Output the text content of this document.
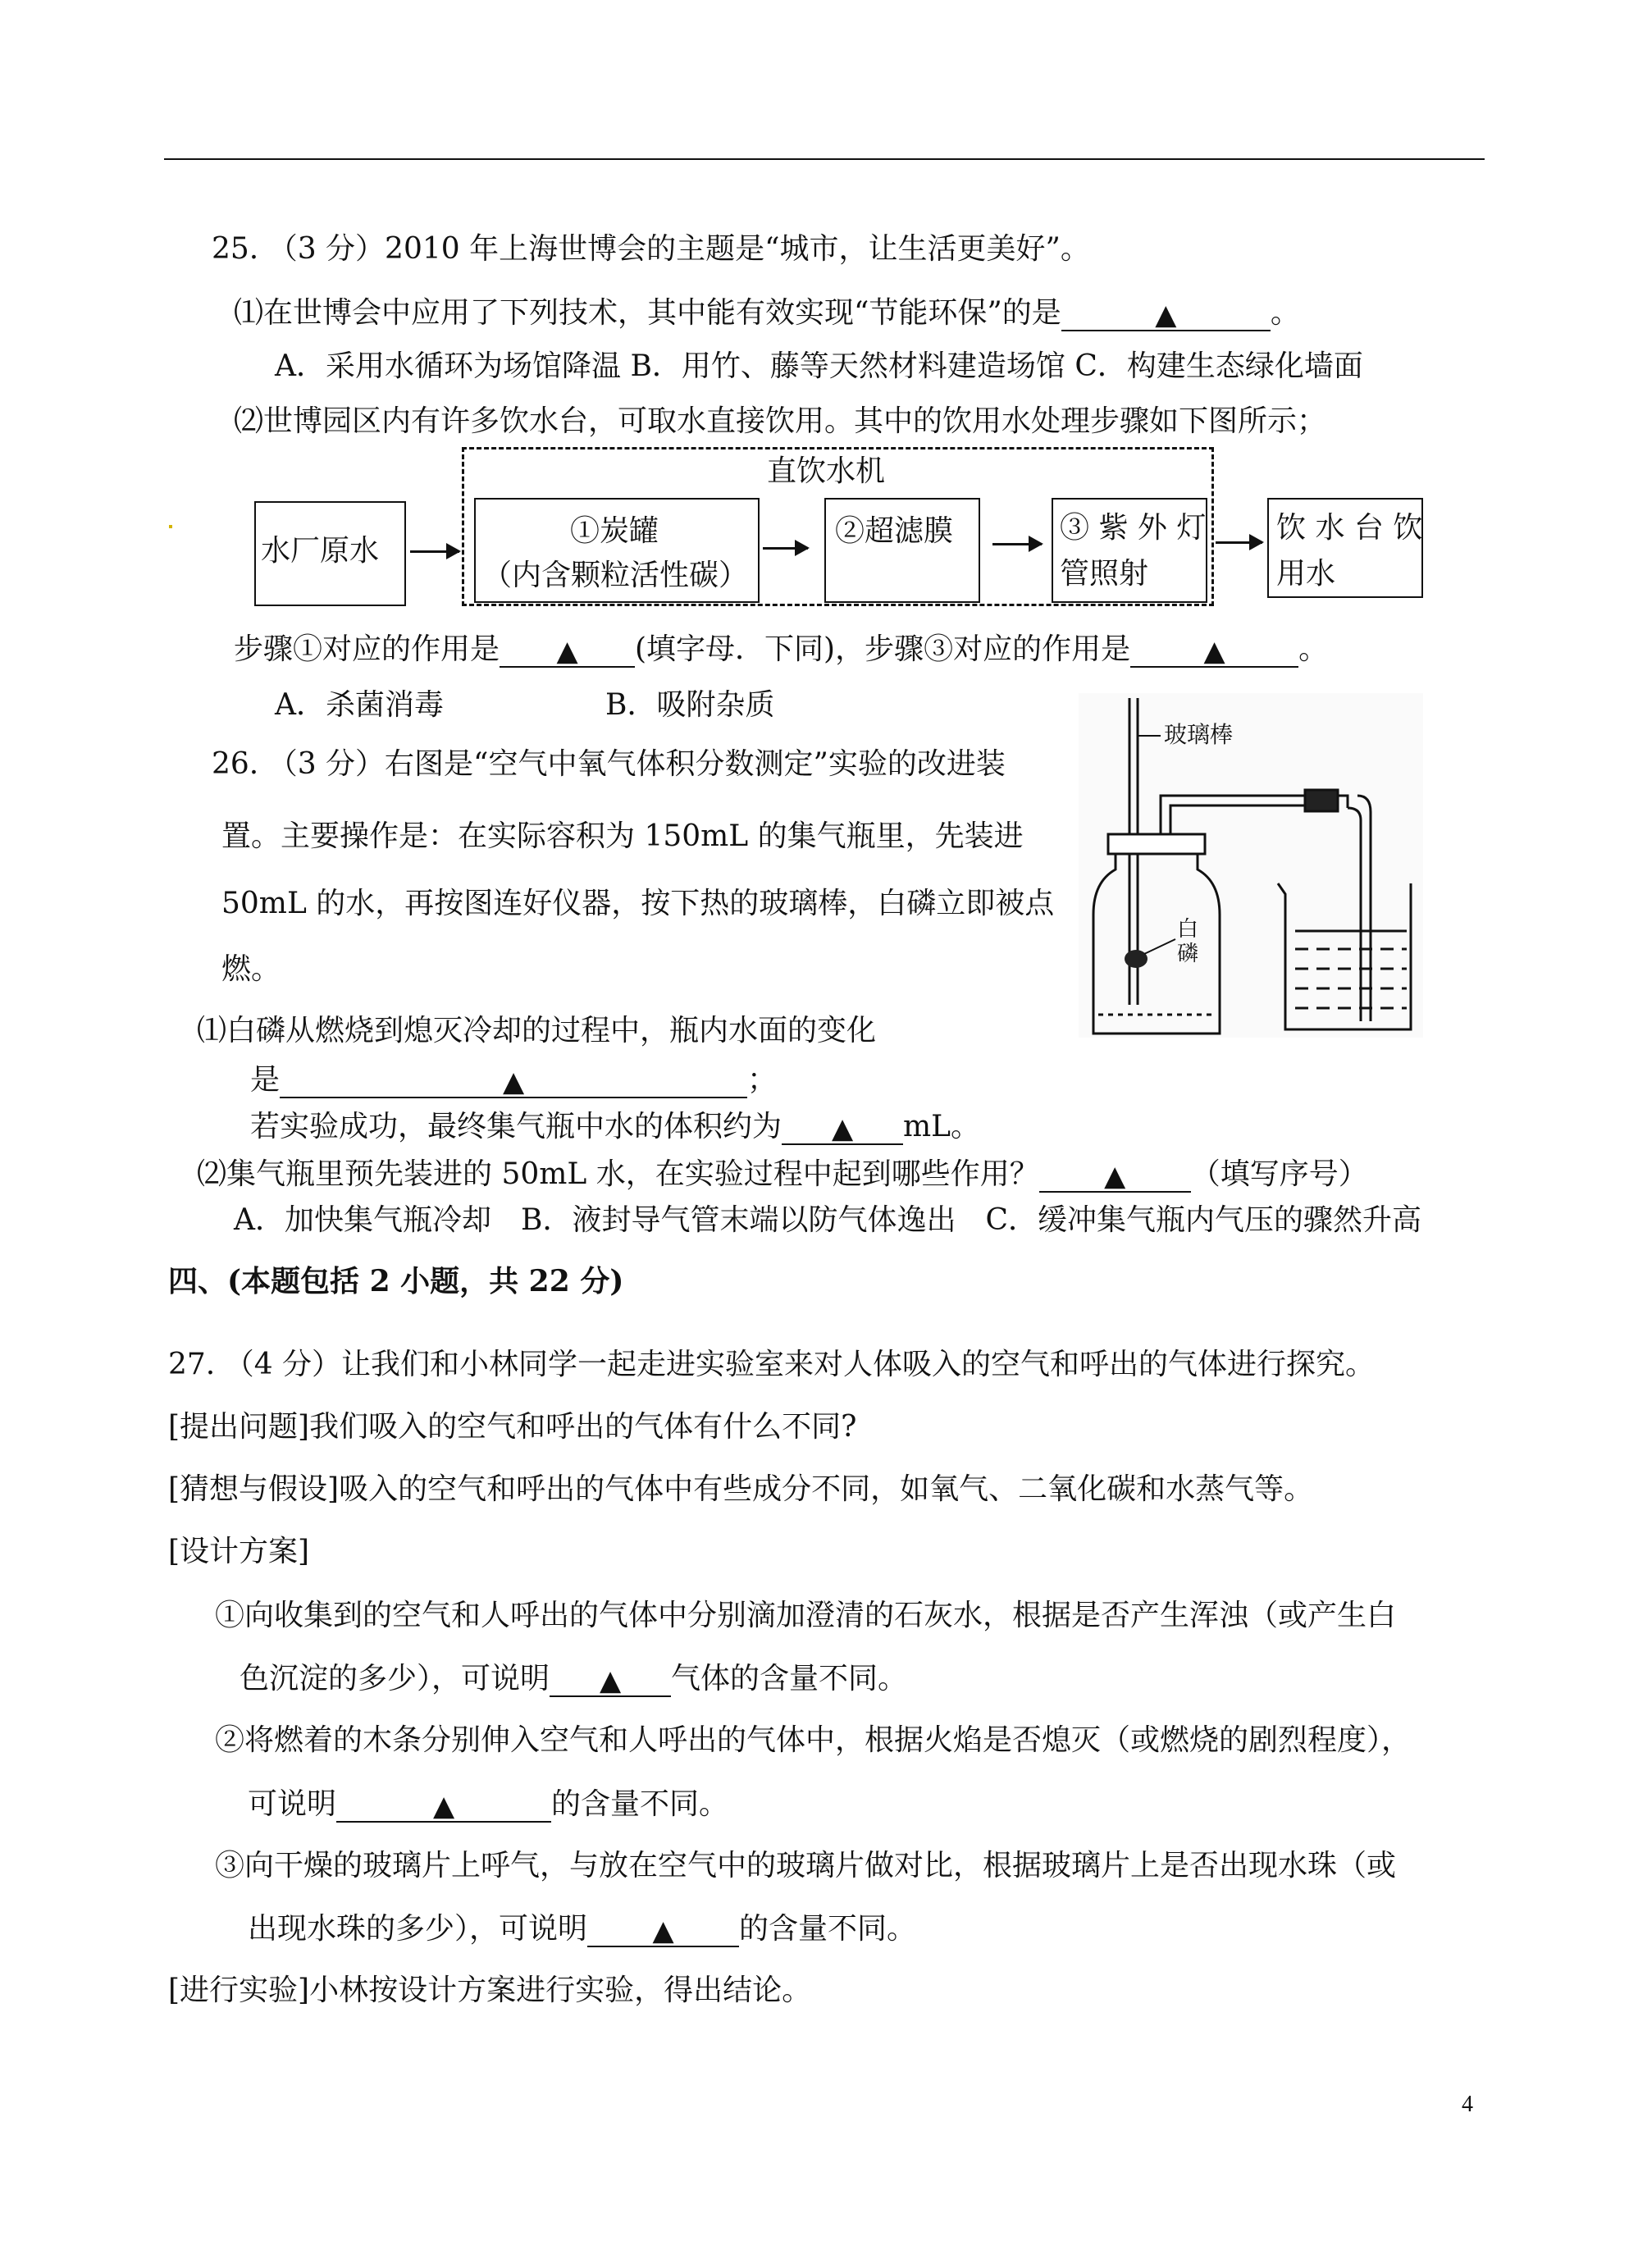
25. （3 分）2010 年上海世博会的主题是“城市，让生活更美好”。
⑴在世博会中应用了下列技术，其中能有效实现“节能环保”的是	▲	。
A．采用水循环为场馆降温 B．用竹、藤等天然材料建造场馆 C．构建生态绿化墙面
⑵世博园区内有许多饮水台，可取水直接饮用。其中的饮用水处理步骤如下图所示；
直饮水机
水厂原水
①炭罐
（内含颗粒活性碳）
②超滤膜	③ 紫 外 灯
管照射
饮 水 台 饮
用水
步骤①对应的作用是 ▲ (填字母．下同)，步骤③对应的作用是	▲ 。
A．杀菌消毒	B．吸附杂质
26. （3 分）右图是“空气中氧气体积分数测定”实验的改进装
置。主要操作是：在实际容积为 150mL 的集气瓶里，先装进
50mL 的水，再按图连好仪器，按下热的玻璃棒，白磷立即被点
燃。
玻璃棒
白
磷
⑴白磷从燃烧到熄灭冷却的过程中，瓶内水面的变化
是	▲	；
若实验成功，最终集气瓶中水的体积约为 ▲ mL。
⑵集气瓶里预先装进的 50mL 水，在实验过程中起到哪些作用？ ▲ （填写序号）
A．加快集气瓶冷却　B．液封导气管末端以防气体逸出　C．缓冲集气瓶内气压的骤然升高
四、(本题包括 2 小题，共 22 分)
27. （4 分）让我们和小林同学一起走进实验室来对人体吸入的空气和呼出的气体进行探究。
[提出问题]我们吸入的空气和呼出的气体有什么不同?
[猜想与假设]吸入的空气和呼出的气体中有些成分不同，如氧气、二氧化碳和水蒸气等。
[设计方案]
①向收集到的空气和人呼出的气体中分别滴加澄清的石灰水，根据是否产生浑浊（或产生白
色沉淀的多少），可说明 ▲ 气体的含量不同。
②将燃着的木条分别伸入空气和人呼出的气体中，根据火焰是否熄灭（或燃烧的剧烈程度），
可说明	▲	的含量不同。
③向干燥的玻璃片上呼气，与放在空气中的玻璃片做对比，根据玻璃片上是否出现水珠（或
出现水珠的多少），可说明 ▲ 的含量不同。
[进行实验]小林按设计方案进行实验，得出结论。
4
